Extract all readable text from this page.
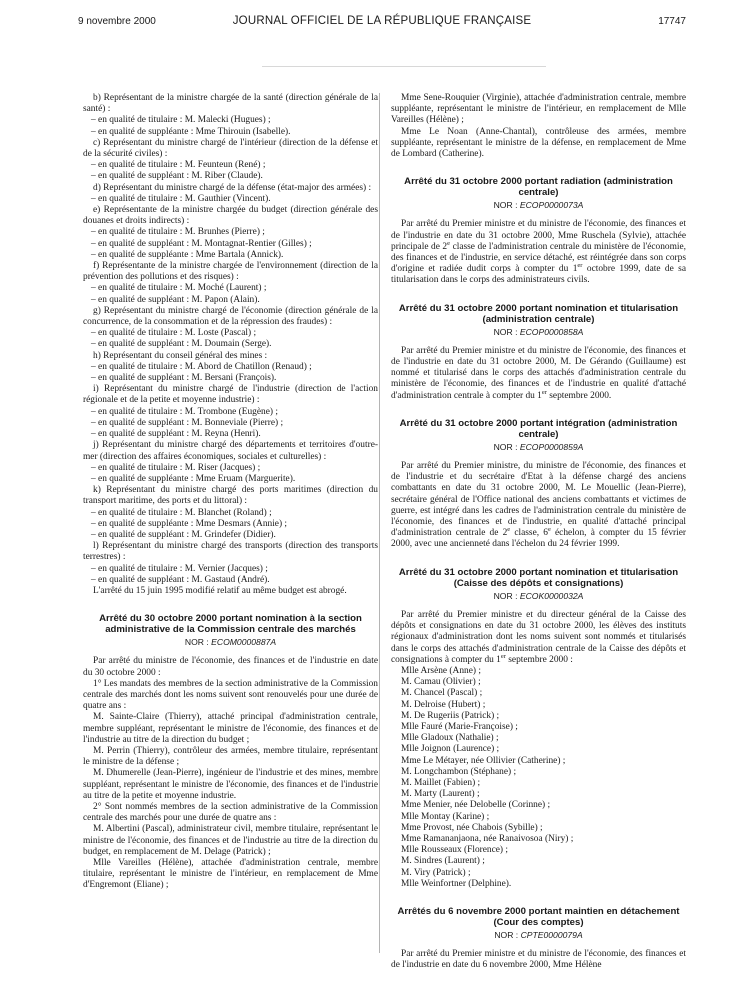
9 novembre 2000	JOURNAL OFFICIEL DE LA RÉPUBLIQUE FRANÇAISE	17747

b) Représentant de la ministre chargée de la santé (direction générale de la santé) :

– en qualité de titulaire : M. Malecki (Hugues) ;

– en qualité de suppléante : Mme Thirouin (Isabelle).

c) Représentant du ministre chargé de l'intérieur (direction de la défense et de la sécurité civiles) :

– en qualité de titulaire : M. Feunteun (René) ;

– en qualité de suppléant : M. Riber (Claude).

d) Représentant du ministre chargé de la défense (état-major des armées) :

– en qualité de titulaire : M. Gauthier (Vincent).

e) Représentante de la ministre chargée du budget (direction générale des douanes et droits indirects) :

– en qualité de titulaire : M. Brunhes (Pierre) ;

– en qualité de suppléant : M. Montagnat-Rentier (Gilles) ;

– en qualité de suppléante : Mme Bartala (Annick).

f) Représentante de la ministre chargée de l'environnement (direction de la prévention des pollutions et des risques) :

– en qualité de titulaire : M. Moché (Laurent) ;

– en qualité de suppléant : M. Papon (Alain).

g) Représentant du ministre chargé de l'économie (direction générale de la concurrence, de la consommation et de la répression des fraudes) :

– en qualité de titulaire : M. Loste (Pascal) ;

– en qualité de suppléant : M. Doumain (Serge).

h) Représentant du conseil général des mines :

– en qualité de titulaire : M. Abord de Chatillon (Renaud) ;

– en qualité de suppléant : M. Bersani (François).

i) Représentant du ministre chargé de l'industrie (direction de l'action régionale et de la petite et moyenne industrie) :

– en qualité de titulaire : M. Trombone (Eugène) ;

– en qualité de suppléant : M. Bonneviale (Pierre) ;

– en qualité de suppléant : M. Reyna (Henri).

j) Représentant du ministre chargé des départements et territoires d'outre-mer (direction des affaires économiques, sociales et culturelles) :

– en qualité de titulaire : M. Riser (Jacques) ;

– en qualité de suppléante : Mme Eruam (Marguerite).

k) Représentant du ministre chargé des ports maritimes (direction du transport maritime, des ports et du littoral) :

– en qualité de titulaire : M. Blanchet (Roland) ;

– en qualité de suppléante : Mme Desmars (Annie) ;

– en qualité de suppléant : M. Grindefer (Didier).

l) Représentant du ministre chargé des transports (direction des transports terrestres) :

– en qualité de titulaire : M. Vernier (Jacques) ;

– en qualité de suppléant : M. Gastaud (André).

L'arrêté du 15 juin 1995 modifié relatif au même budget est abrogé.

Arrêté du 30 octobre 2000 portant nomination à la section administrative de la Commission centrale des marchés
NOR : ECOM0000887A

Par arrêté du ministre de l'économie, des finances et de l'industrie en date du 30 octobre 2000 :

1° Les mandats des membres de la section administrative de la Commission centrale des marchés dont les noms suivent sont renouvelés pour une durée de quatre ans :

M. Sainte-Claire (Thierry), attaché principal d'administration centrale, membre suppléant, représentant le ministre de l'économie, des finances et de l'industrie au titre de la direction du budget ;

M. Perrin (Thierry), contrôleur des armées, membre titulaire, représentant le ministre de la défense ;

M. Dhumerelle (Jean-Pierre), ingénieur de l'industrie et des mines, membre suppléant, représentant le ministre de l'économie, des finances et de l'industrie au titre de la petite et moyenne industrie.

2° Sont nommés membres de la section administrative de la Commission centrale des marchés pour une durée de quatre ans :

M. Albertini (Pascal), administrateur civil, membre titulaire, représentant le ministre de l'économie, des finances et de l'industrie au titre de la direction du budget, en remplacement de M. Delage (Patrick) ;

Mlle Vareilles (Hélène), attachée d'administration centrale, membre titulaire, représentant le ministre de l'intérieur, en remplacement de Mme d'Engremont (Eliane) ;

Mme Sene-Rouquier (Virginie), attachée d'administration centrale, membre suppléante, représentant le ministre de l'intérieur, en remplacement de Mlle Vareilles (Hélène) ;

Mme Le Noan (Anne-Chantal), contrôleuse des armées, membre suppléante, représentant le ministre de la défense, en remplacement de Mme de Lombard (Catherine).

Arrêté du 31 octobre 2000 portant radiation (administration centrale)
NOR : ECOP0000073A

Par arrêté du Premier ministre et du ministre de l'économie, des finances et de l'industrie en date du 31 octobre 2000, Mme Ruschela (Sylvie), attachée principale de 2e classe de l'administration centrale du ministère de l'économie, des finances et de l'industrie, en service détaché, est réintégrée dans son corps d'origine et radiée dudit corps à compter du 1er octobre 1999, date de sa titularisation dans le corps des administrateurs civils.

Arrêté du 31 octobre 2000 portant nomination et titularisation (administration centrale)
NOR : ECOP0000858A

Par arrêté du Premier ministre et du ministre de l'économie, des finances et de l'industrie en date du 31 octobre 2000, M. De Gérando (Guillaume) est nommé et titularisé dans le corps des attachés d'administration centrale du ministère de l'économie, des finances et de l'industrie en qualité d'attaché d'administration centrale à compter du 1er septembre 2000.

Arrêté du 31 octobre 2000 portant intégration (administration centrale)
NOR : ECOP0000859A

Par arrêté du Premier ministre, du ministre de l'économie, des finances et de l'industrie et du secrétaire d'Etat à la défense chargé des anciens combattants en date du 31 octobre 2000, M. Le Mouellic (Jean-Pierre), secrétaire général de l'Office national des anciens combattants et victimes de guerre, est intégré dans les cadres de l'administration centrale du ministère de l'économie, des finances et de l'industrie, en qualité d'attaché principal d'administration centrale de 2e classe, 6e échelon, à compter du 15 février 2000, avec une ancienneté dans l'échelon du 24 février 1999.

Arrêté du 31 octobre 2000 portant nomination et titularisation (Caisse des dépôts et consignations)
NOR : ECOK0000032A

Par arrêté du Premier ministre et du directeur général de la Caisse des dépôts et consignations en date du 31 octobre 2000, les élèves des instituts régionaux d'administration dont les noms suivent sont nommés et titularisés dans le corps des attachés d'administration centrale de la Caisse des dépôts et consignations à compter du 1er septembre 2000 :

Mlle Arsène (Anne) ;

M. Camau (Olivier) ;

M. Chancel (Pascal) ;

M. Delroise (Hubert) ;

M. De Rugeriis (Patrick) ;

Mlle Fauré (Marie-Françoise) ;

Mlle Gladoux (Nathalie) ;

Mlle Joignon (Laurence) ;

Mme Le Métayer, née Ollivier (Catherine) ;

M. Longchambon (Stéphane) ;

M. Maillet (Fabien) ;

M. Marty (Laurent) ;

Mme Menier, née Delobelle (Corinne) ;

Mlle Montay (Karine) ;

Mme Provost, née Chabois (Sybille) ;

Mme Ramananjaona, née Ranaivosoa (Niry) ;

Mlle Rousseaux (Florence) ;

M. Sindres (Laurent) ;

M. Viry (Patrick) ;

Mlle Weinfortner (Delphine).

Arrêtés du 6 novembre 2000 portant maintien en détachement (Cour des comptes)
NOR : CPTE0000079A

Par arrêté du Premier ministre et du ministre de l'économie, des finances et de l'industrie en date du 6 novembre 2000, Mme Hélène
